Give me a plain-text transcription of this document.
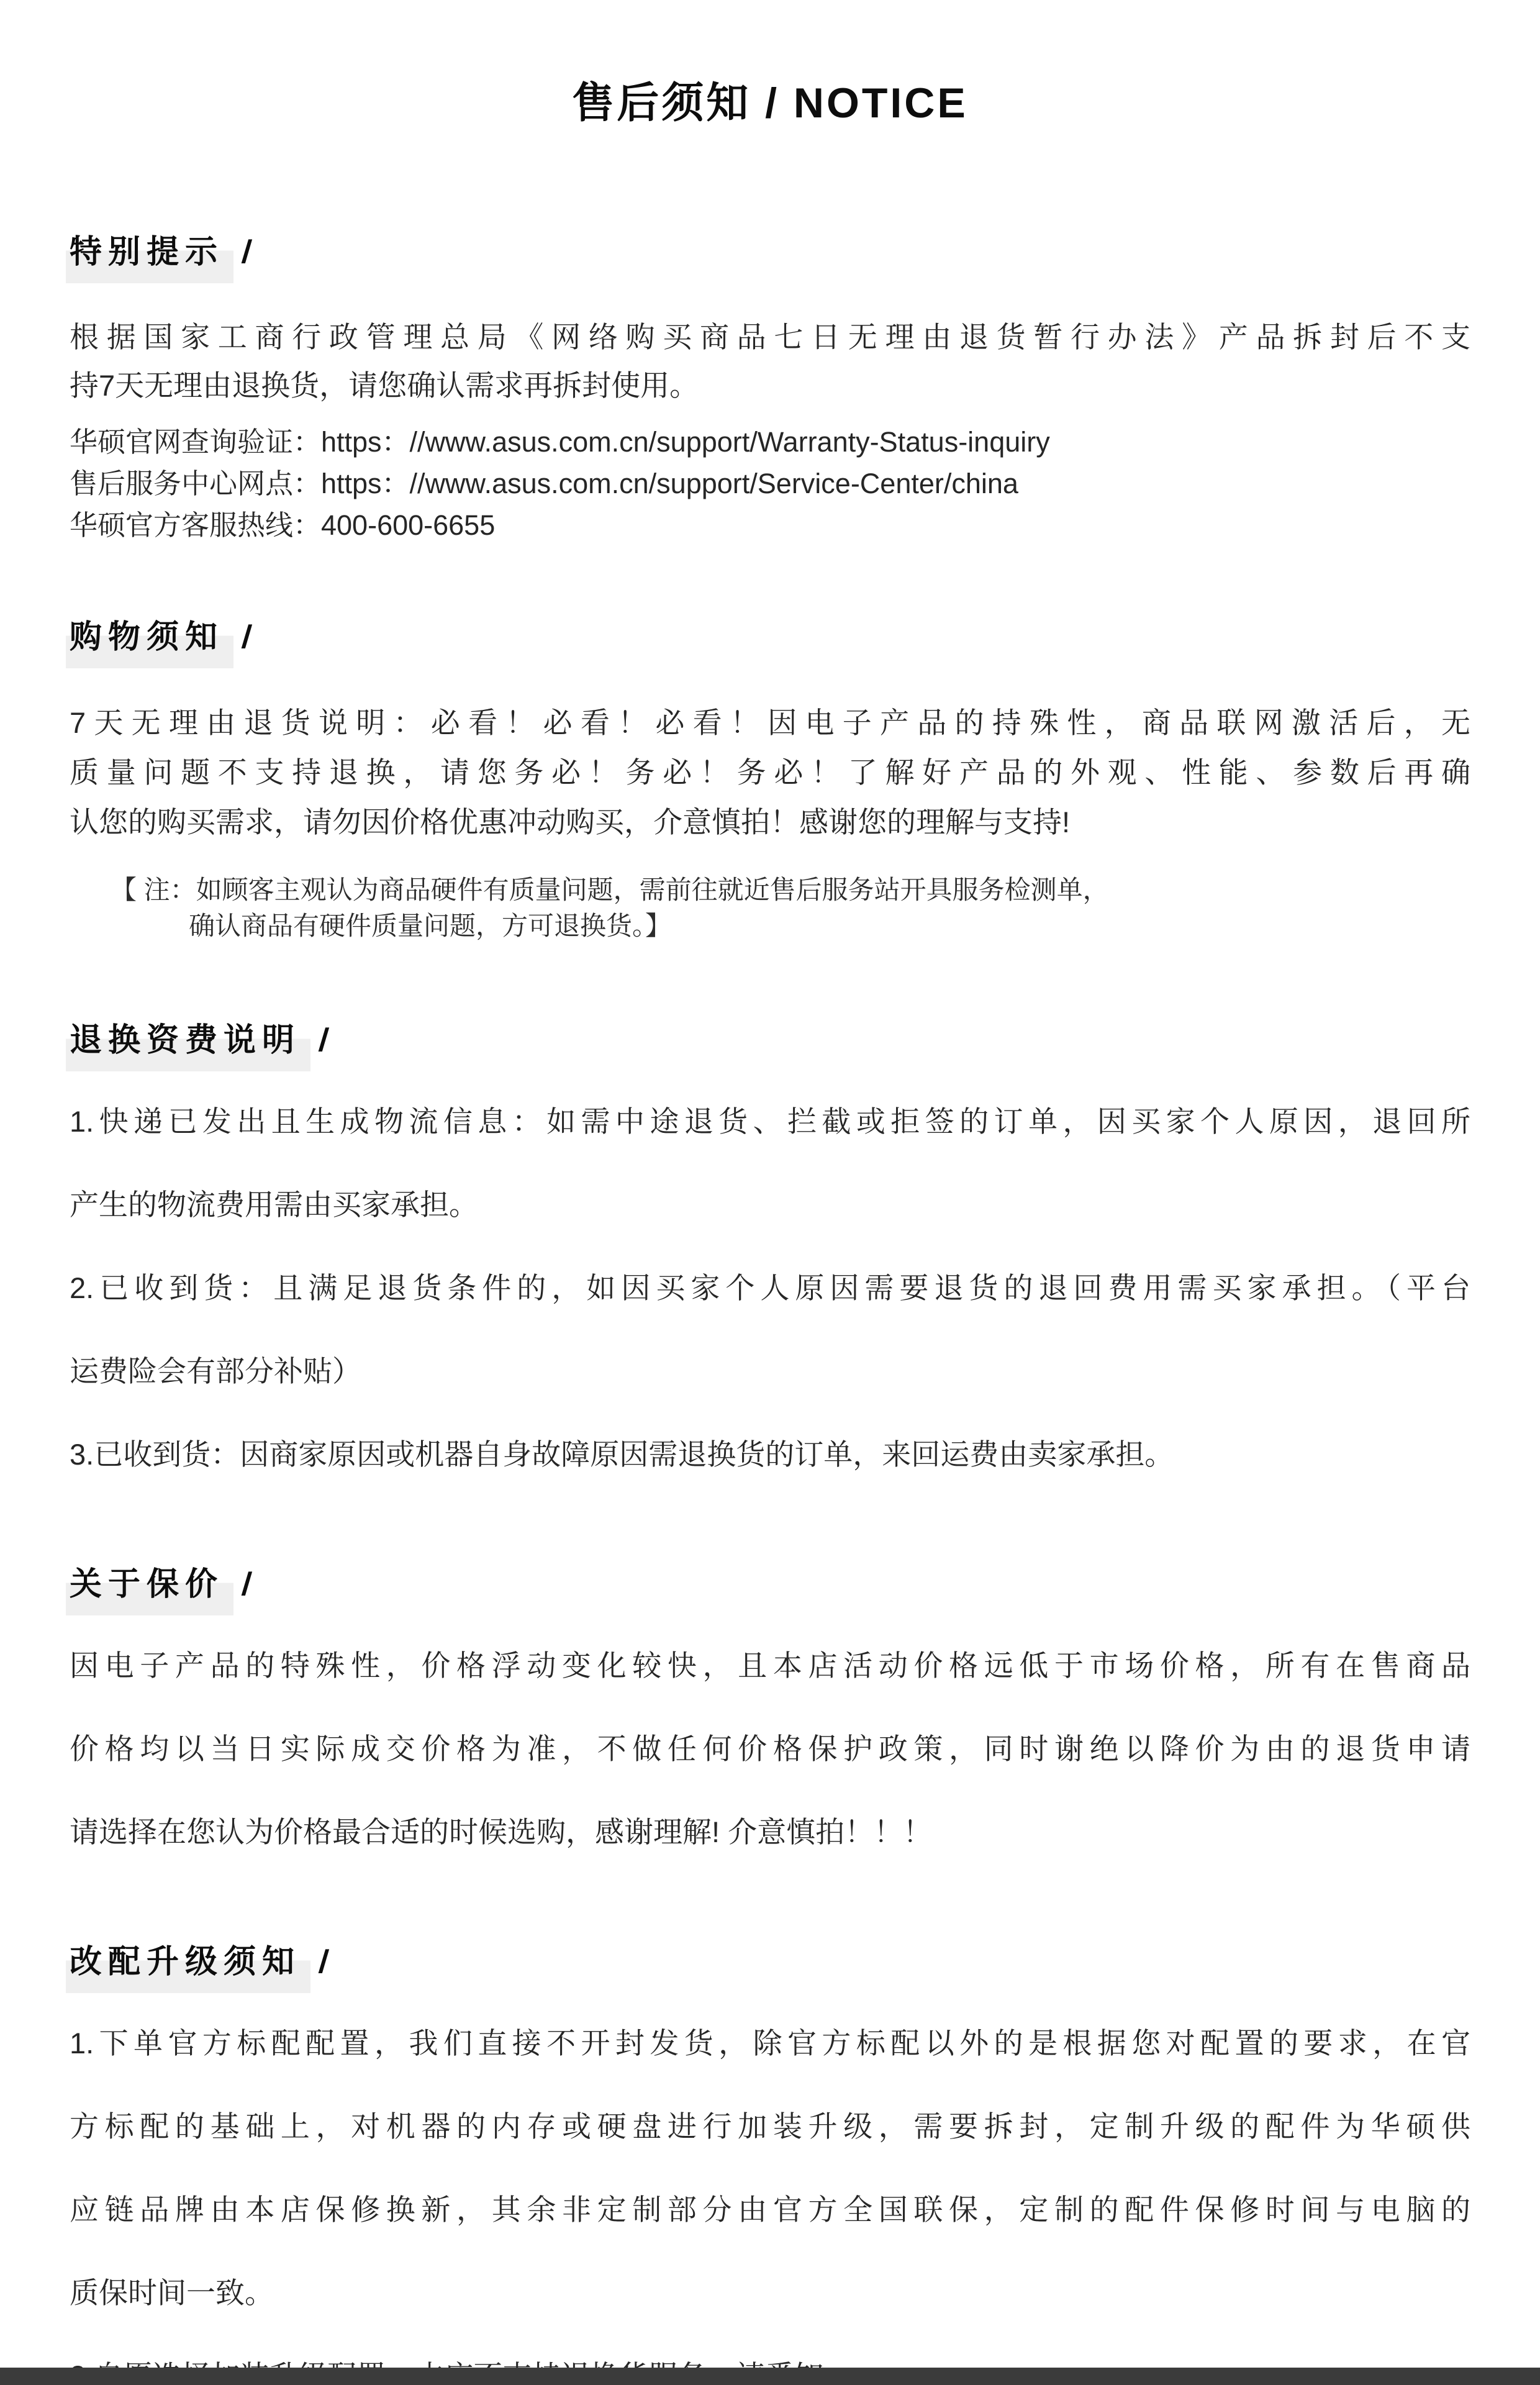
售后须知 / NOTICE
特别提示 /
根据国家工商行政管理总局《网络购买商品七日无理由退货暂行办法》产品拆封后不支
持7天无理由退换货，请您确认需求再拆封使用。
华硕官网查询验证：https：//www.asus.com.cn/support/Warranty-Status-inquiry
售后服务中心网点：https：//www.asus.com.cn/support/Service-Center/china
华硕官方客服热线：400-600-6655
购物须知 /
7天无理由退货说明：必看！必看！必看！因电子产品的持殊性，商品联网激活后，无
质量问题不支持退换，请您务必！务必！务必！了解好产品的外观、性能、参数后再确
认您的购买需求，请勿因价格优惠冲动购买，介意慎拍！感谢您的理解与支持!
【 注：如顾客主观认为商品硬件有质量问题，需前往就近售后服务站开具服务检测单，
确认商品有硬件质量问题，方可退换货。】
退换资费说明 /
1.快递已发出且生成物流信息：如需中途退货、拦截或拒签的订单，因买家个人原因，退回所
产生的物流费用需由买家承担。
2.已收到货：且满足退货条件的，如因买家个人原因需要退货的退回费用需买家承担。（平台
运费险会有部分补贴）
3.已收到货：因商家原因或机器自身故障原因需退换货的订单，来回运费由卖家承担。
关于保价 /
因电子产品的特殊性，价格浮动变化较快，且本店活动价格远低于市场价格，所有在售商品
价格均以当日实际成交价格为准，不做任何价格保护政策，同时谢绝以降价为由的退货申请
请选择在您认为价格最合适的时候选购，感谢理解! 介意慎拍！！！
改配升级须知 /
1.下单官方标配配置，我们直接不开封发货，除官方标配以外的是根据您对配置的要求，在官
方标配的基础上，对机器的内存或硬盘进行加装升级，需要拆封，定制升级的配件为华硕供
应链品牌由本店保修换新，其余非定制部分由官方全国联保，定制的配件保修时间与电脑的
质保时间一致。
